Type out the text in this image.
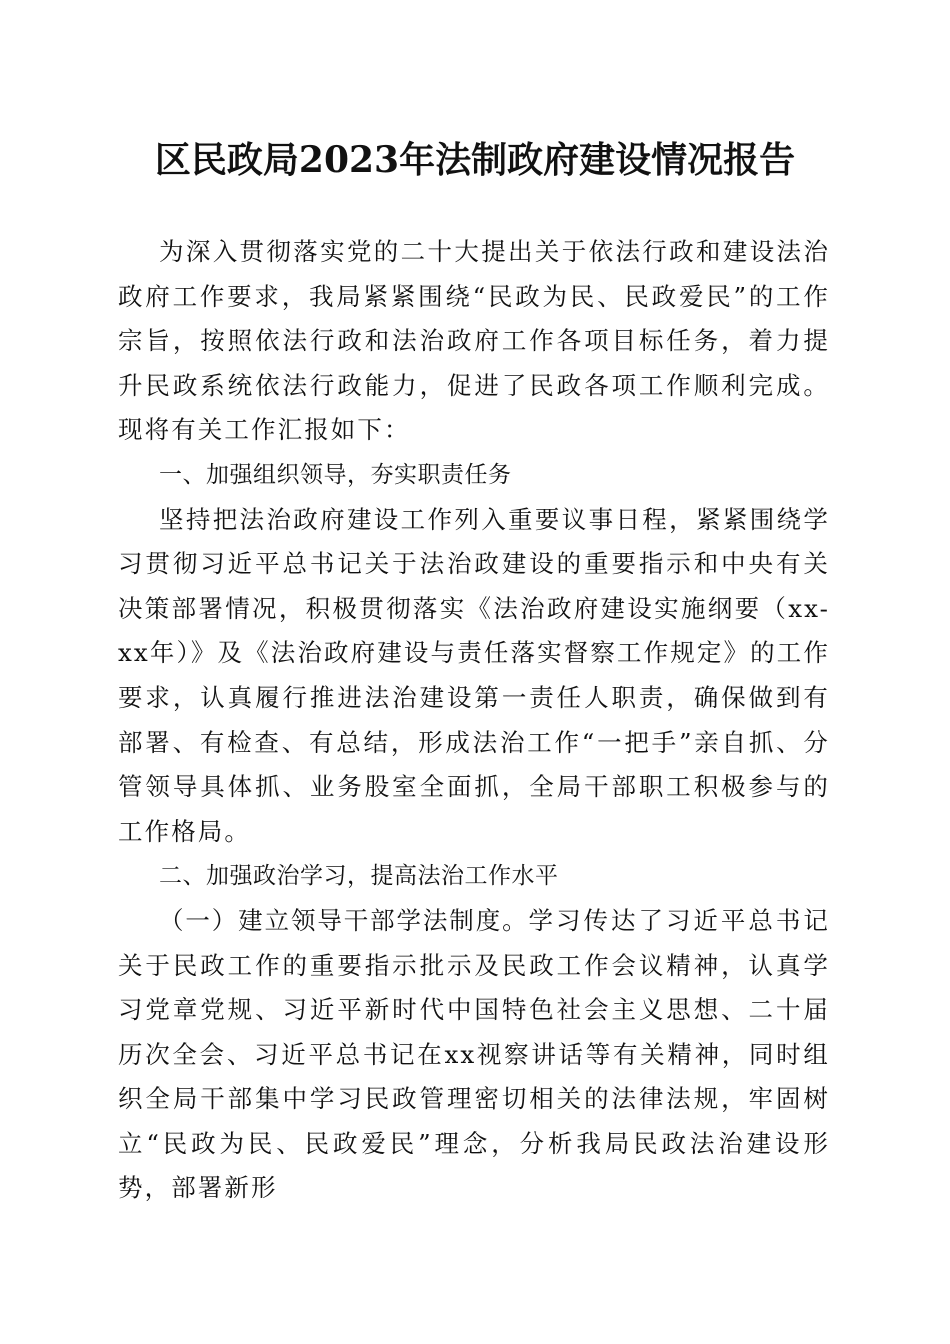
区民政局2023年法制政府建设情况报告

为深入贯彻落实党的二十大提出关于依法行政和建设法治政府工作要求，我局紧紧围绕“民政为民、民政爱民”的工作宗旨，按照依法行政和法治政府工作各项目标任务，着力提升民政系统依法行政能力，促进了民政各项工作顺利完成。现将有关工作汇报如下：

一、加强组织领导，夯实职责任务

坚持把法治政府建设工作列入重要议事日程，紧紧围绕学习贯彻习近平总书记关于法治政建设的重要指示和中央有关决策部署情况，积极贯彻落实《法治政府建设实施纲要（xx-xx年）》及《法治政府建设与责任落实督察工作规定》的工作要求，认真履行推进法治建设第一责任人职责，确保做到有部署、有检查、有总结，形成法治工作“一把手”亲自抓、分管领导具体抓、业务股室全面抓，全局干部职工积极参与的工作格局。

二、加强政治学习，提高法治工作水平

（一）建立领导干部学法制度。学习传达了习近平总书记关于民政工作的重要指示批示及民政工作会议精神，认真学习党章党规、习近平新时代中国特色社会主义思想、二十届历次全会、习近平总书记在xx视察讲话等有关精神，同时组织全局干部集中学习民政管理密切相关的法律法规，牢固树立“民政为民、民政爱民”理念，分析我局民政法治建设形势，部署新形
